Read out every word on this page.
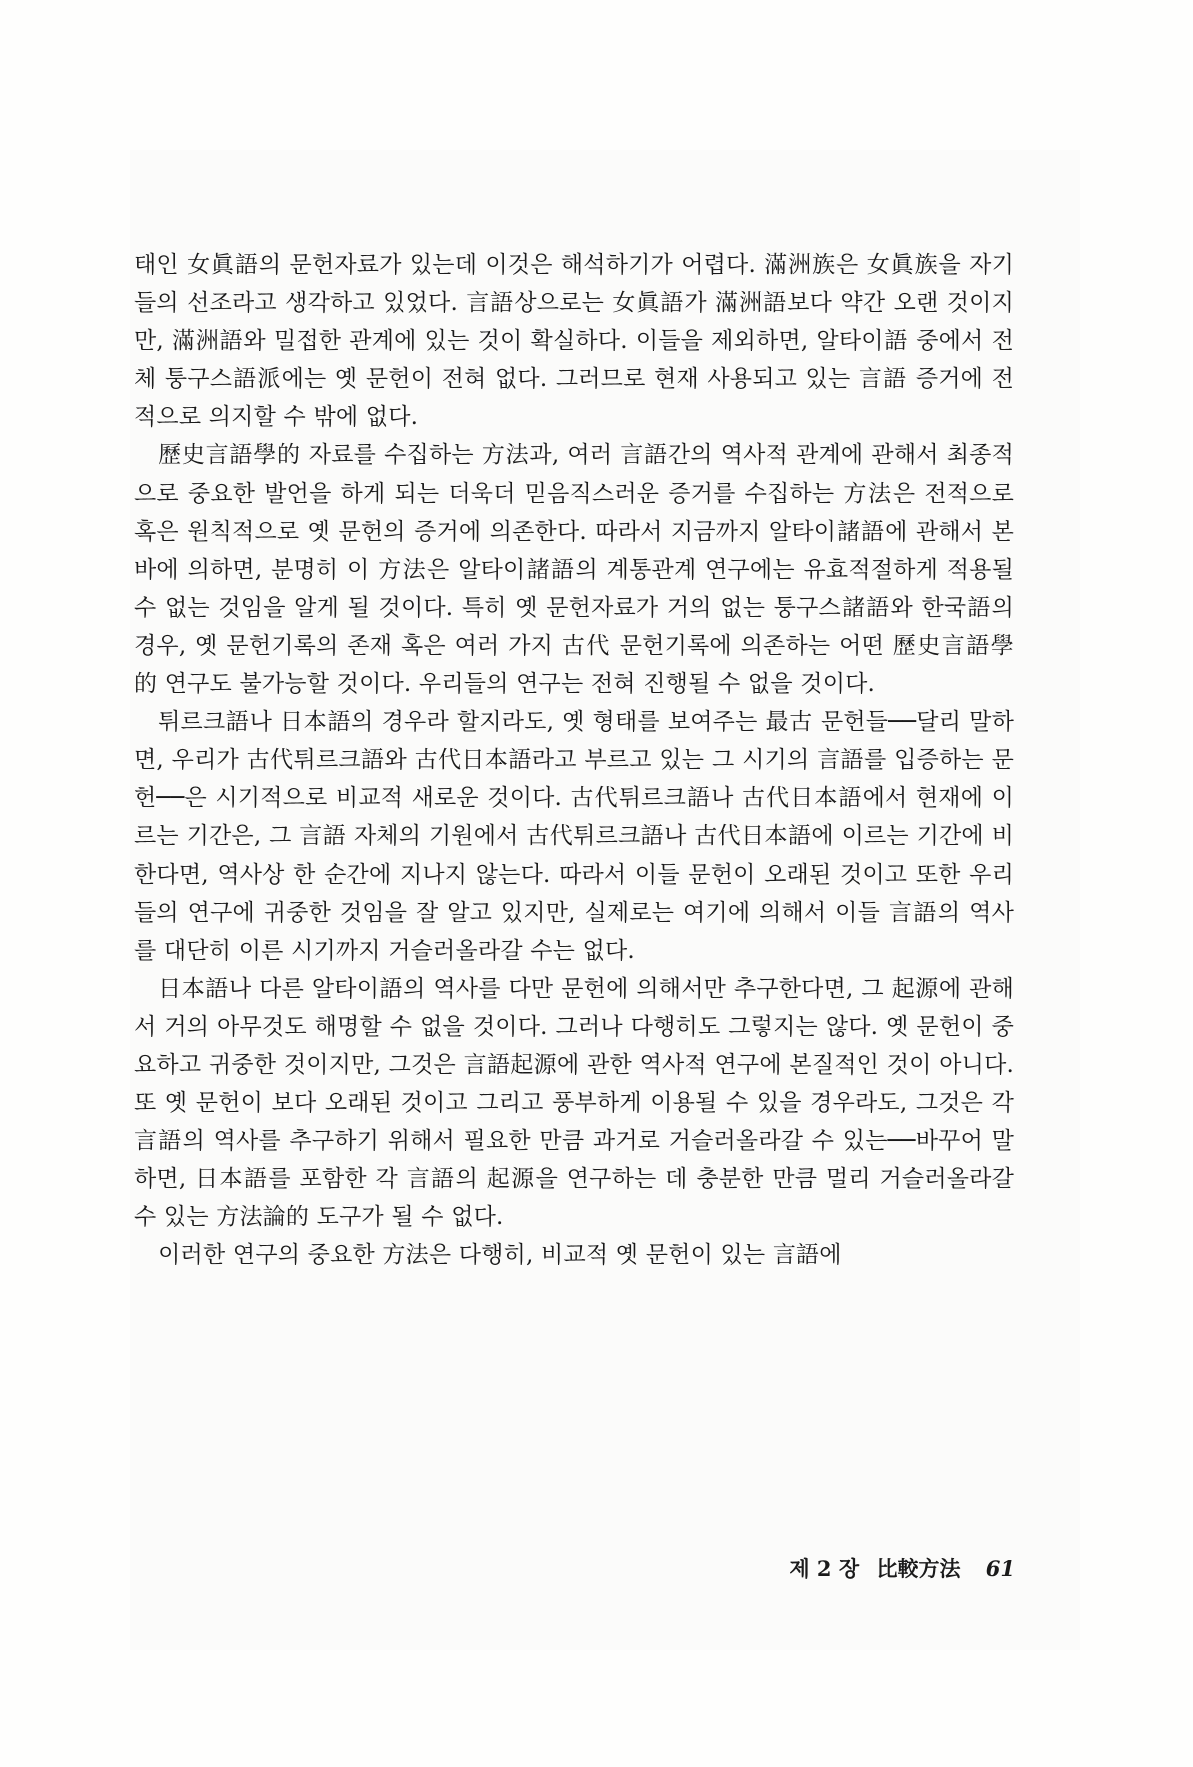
태인 女眞語의 문헌자료가 있는데 이것은 해석하기가 어렵다. 滿洲族은 女眞族을 자기들의 선조라고 생각하고 있었다. 言語상으로는 女眞語가 滿洲語보다 약간 오랜 것이지만, 滿洲語와 밀접한 관계에 있는 것이 확실하다. 이들을 제외하면, 알타이語 중에서 전체 퉁구스語派에는 옛 문헌이 전혀 없다. 그러므로 현재 사용되고 있는 言語 증거에 전적으로 의지할 수 밖에 없다.

歷史言語學的 자료를 수집하는 方法과, 여러 言語간의 역사적 관계에 관해서 최종적으로 중요한 발언을 하게 되는 더욱더 믿음직스러운 증거를 수집하는 方法은 전적으로 혹은 원칙적으로 옛 문헌의 증거에 의존한다. 따라서 지금까지 알타이諸語에 관해서 본 바에 의하면, 분명히 이 方法은 알타이諸語의 계통관계 연구에는 유효적절하게 적용될 수 없는 것임을 알게 될 것이다. 특히 옛 문헌자료가 거의 없는 퉁구스諸語와 한국語의 경우, 옛 문헌기록의 존재 혹은 여러 가지 古代 문헌기록에 의존하는 어떤 歷史言語學的 연구도 불가능할 것이다. 우리들의 연구는 전혀 진행될 수 없을 것이다.

튀르크語나 日本語의 경우라 할지라도, 옛 형태를 보여주는 最古 문헌들──달리 말하면, 우리가 古代튀르크語와 古代日本語라고 부르고 있는 그 시기의 言語를 입증하는 문헌──은 시기적으로 비교적 새로운 것이다. 古代튀르크語나 古代日本語에서 현재에 이르는 기간은, 그 言語 자체의 기원에서 古代튀르크語나 古代日本語에 이르는 기간에 비한다면, 역사상 한 순간에 지나지 않는다. 따라서 이들 문헌이 오래된 것이고 또한 우리들의 연구에 귀중한 것임을 잘 알고 있지만, 실제로는 여기에 의해서 이들 言語의 역사를 대단히 이른 시기까지 거슬러올라갈 수는 없다.

日本語나 다른 알타이語의 역사를 다만 문헌에 의해서만 추구한다면, 그 起源에 관해서 거의 아무것도 해명할 수 없을 것이다. 그러나 다행히도 그렇지는 않다. 옛 문헌이 중요하고 귀중한 것이지만, 그것은 言語起源에 관한 역사적 연구에 본질적인 것이 아니다. 또 옛 문헌이 보다 오래된 것이고 그리고 풍부하게 이용될 수 있을 경우라도, 그것은 각 言語의 역사를 추구하기 위해서 필요한 만큼 과거로 거슬러올라갈 수 있는──바꾸어 말하면, 日本語를 포함한 각 言語의 起源을 연구하는 데 충분한 만큼 멀리 거슬러올라갈 수 있는 方法論的 도구가 될 수 없다.

이러한 연구의 중요한 方法은 다행히, 비교적 옛 문헌이 있는 言語에

제 2 장 比較方法 61
